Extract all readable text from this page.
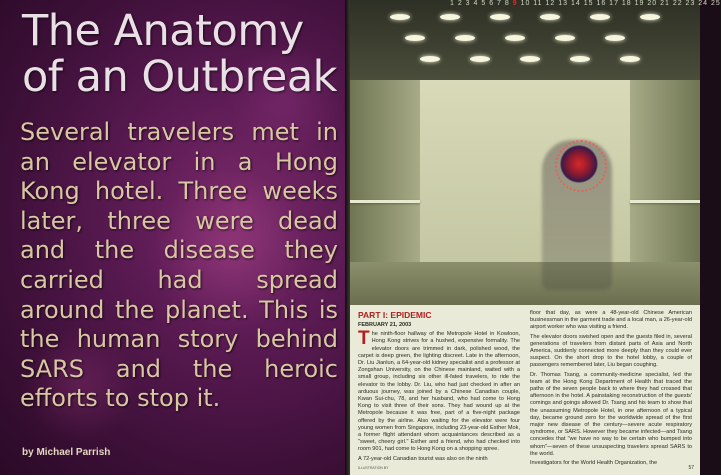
The Anatomy of an Outbreak

Several travelers met in an elevator in a Hong Kong hotel. Three weeks later, three were dead and the disease they carried had spread around the planet. This is the human story behind SARS and the heroic efforts to stop it.

by Michael Parrish
1 2 3 4 5 6 7 8 9 10 11 12 13 14 15 16 17 18 19 20 21 22 23 24 25

PART I: EPIDEMIC

FEBRUARY 21, 2003

The ninth-floor hallway of the Metropole Hotel in Kowloon, Hong Kong strives for a hushed, expensive formality. The elevator doors are trimmed in dark, polished wood, the carpet is deep green, the lighting discreet. Late in the afternoon, Dr. Liu Jianlun, a 64-year-old kidney specialist and a professor at Zongshan University, on the Chinese mainland, waited with a small group, including six other ill-fated travelers, to ride the elevator to the lobby. Dr. Liu, who had just checked in after an arduous journey, was joined by a Chinese Canadian couple, Kwan Sui-chu, 78, and her husband, who had come to Hong Kong to visit three of their sons. They had wound up at the Metropole because it was free, part of a five-night package offered by the airline. Also waiting for the elevator were four young women from Singapore, including 23-year-old Esther Mok, a former flight attendant whom acquaintances described as a "sweet, cheery girl." Esther and a friend, who had checked into room 901, had come to Hong Kong on a shopping spree.

A 72-year-old Canadian tourist was also on the ninth

ILLUSTRATION BY

floor that day, as were a 48-year-old Chinese American businessman in the garment trade and a local man, a 26-year-old airport worker who was visiting a friend.

The elevator doors swished open and the guests filed in, several generations of travelers from distant parts of Asia and North America, suddenly connected more deeply than they could ever suspect. On the short drop to the hotel lobby, a couple of passengers remembered later, Liu began coughing.

Dr. Thomas Tsang, a community-medicine specialist, led the team at the Hong Kong Department of Health that traced the paths of the seven people back to where they had crossed that afternoon in the hotel. A painstaking reconstruction of the guests' comings and goings allowed Dr. Tsang and his team to show that the unassuming Metropole Hotel, in one afternoon of a typical day, became ground zero for the worldwide spread of the first major new disease of the century—severe acute respiratory syndrome, or SARS. However they became infected—and Tsang concedes that "we have no way to be certain who bumped into whom"—seven of these unsuspecting travelers spread SARS to the world.

Investigators for the World Health Organization, the

57
